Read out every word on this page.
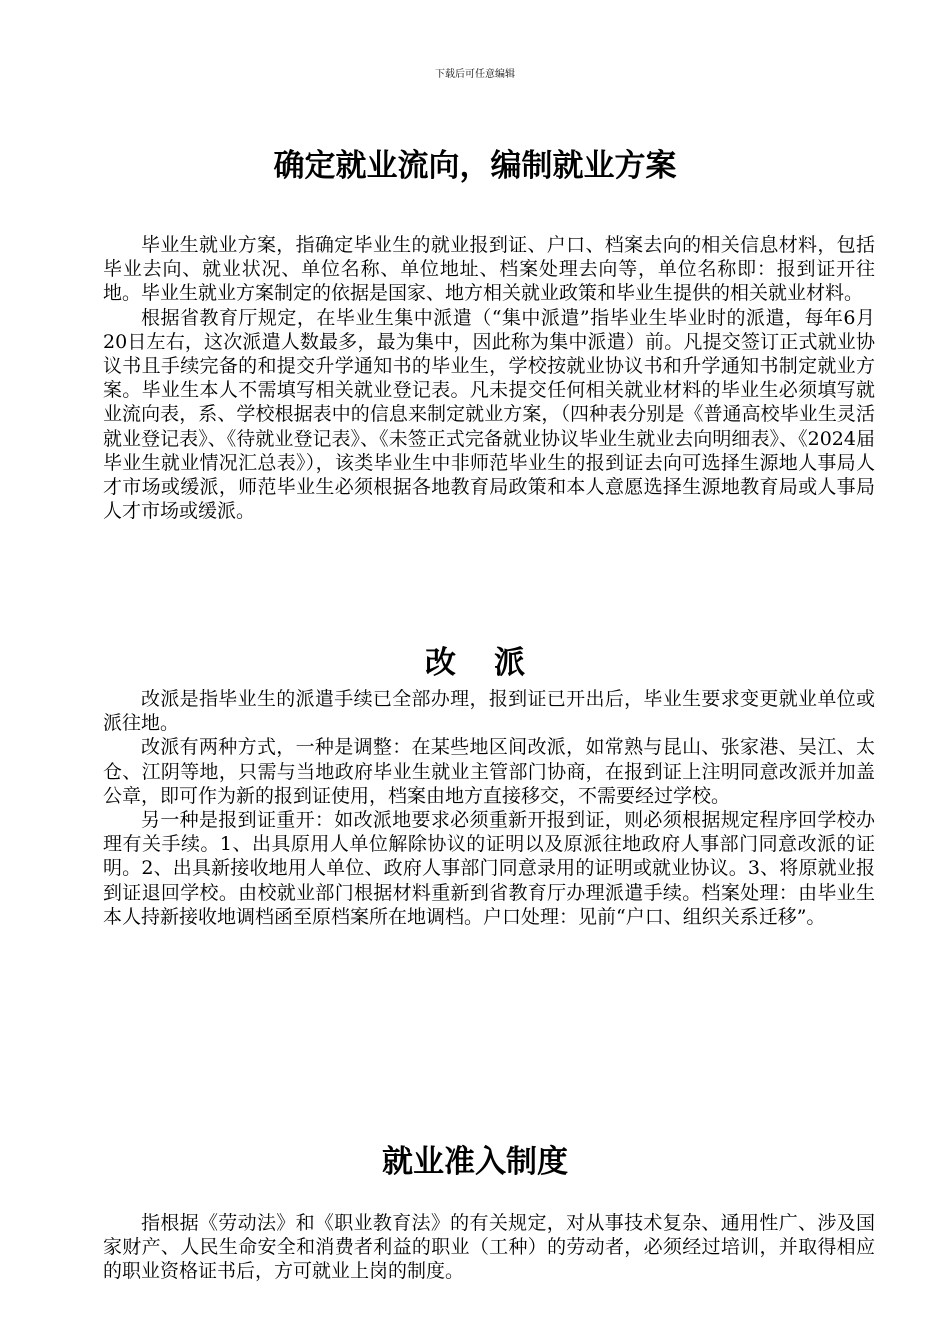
下载后可任意编辑
确定就业流向，编制就业方案

毕业生就业方案，指确定毕业生的就业报到证、户口、档案去向的相关信息材料，包括毕业去向、就业状况、单位名称、单位地址、档案处理去向等，单位名称即：报到证开往地。毕业生就业方案制定的依据是国家、地方相关就业政策和毕业生提供的相关就业材料。

根据省教育厅规定，在毕业生集中派遣（“集中派遣”指毕业生毕业时的派遣，每年6月20日左右，这次派遣人数最多，最为集中，因此称为集中派遣）前。凡提交签订正式就业协议书且手续完备的和提交升学通知书的毕业生，学校按就业协议书和升学通知书制定就业方案。毕业生本人不需填写相关就业登记表。凡未提交任何相关就业材料的毕业生必须填写就业流向表，系、学校根据表中的信息来制定就业方案，（四种表分别是《普通高校毕业生灵活就业登记表》、《待就业登记表》、《未签正式完备就业协议毕业生就业去向明细表》、《2024届毕业生就业情况汇总表》），该类毕业生中非师范毕业生的报到证去向可选择生源地人事局人才市场或缓派，师范毕业生必须根据各地教育局政策和本人意愿选择生源地教育局或人事局人才市场或缓派。

改派

改派是指毕业生的派遣手续已全部办理，报到证已开出后，毕业生要求变更就业单位或派往地。

改派有两种方式，一种是调整：在某些地区间改派，如常熟与昆山、张家港、吴江、太仓、江阴等地，只需与当地政府毕业生就业主管部门协商，在报到证上注明同意改派并加盖公章，即可作为新的报到证使用，档案由地方直接移交，不需要经过学校。

另一种是报到证重开：如改派地要求必须重新开报到证，则必须根据规定程序回学校办理有关手续。1、出具原用人单位解除协议的证明以及原派往地政府人事部门同意改派的证明。2、出具新接收地用人单位、政府人事部门同意录用的证明或就业协议。3、将原就业报到证退回学校。由校就业部门根据材料重新到省教育厅办理派遣手续。档案处理：由毕业生本人持新接收地调档函至原档案所在地调档。户口处理：见前“户口、组织关系迁移”。

就业准入制度

指根据《劳动法》和《职业教育法》的有关规定，对从事技术复杂、通用性广、涉及国家财产、人民生命安全和消费者利益的职业（工种）的劳动者，必须经过培训，并取得相应的职业资格证书后，方可就业上岗的制度。
